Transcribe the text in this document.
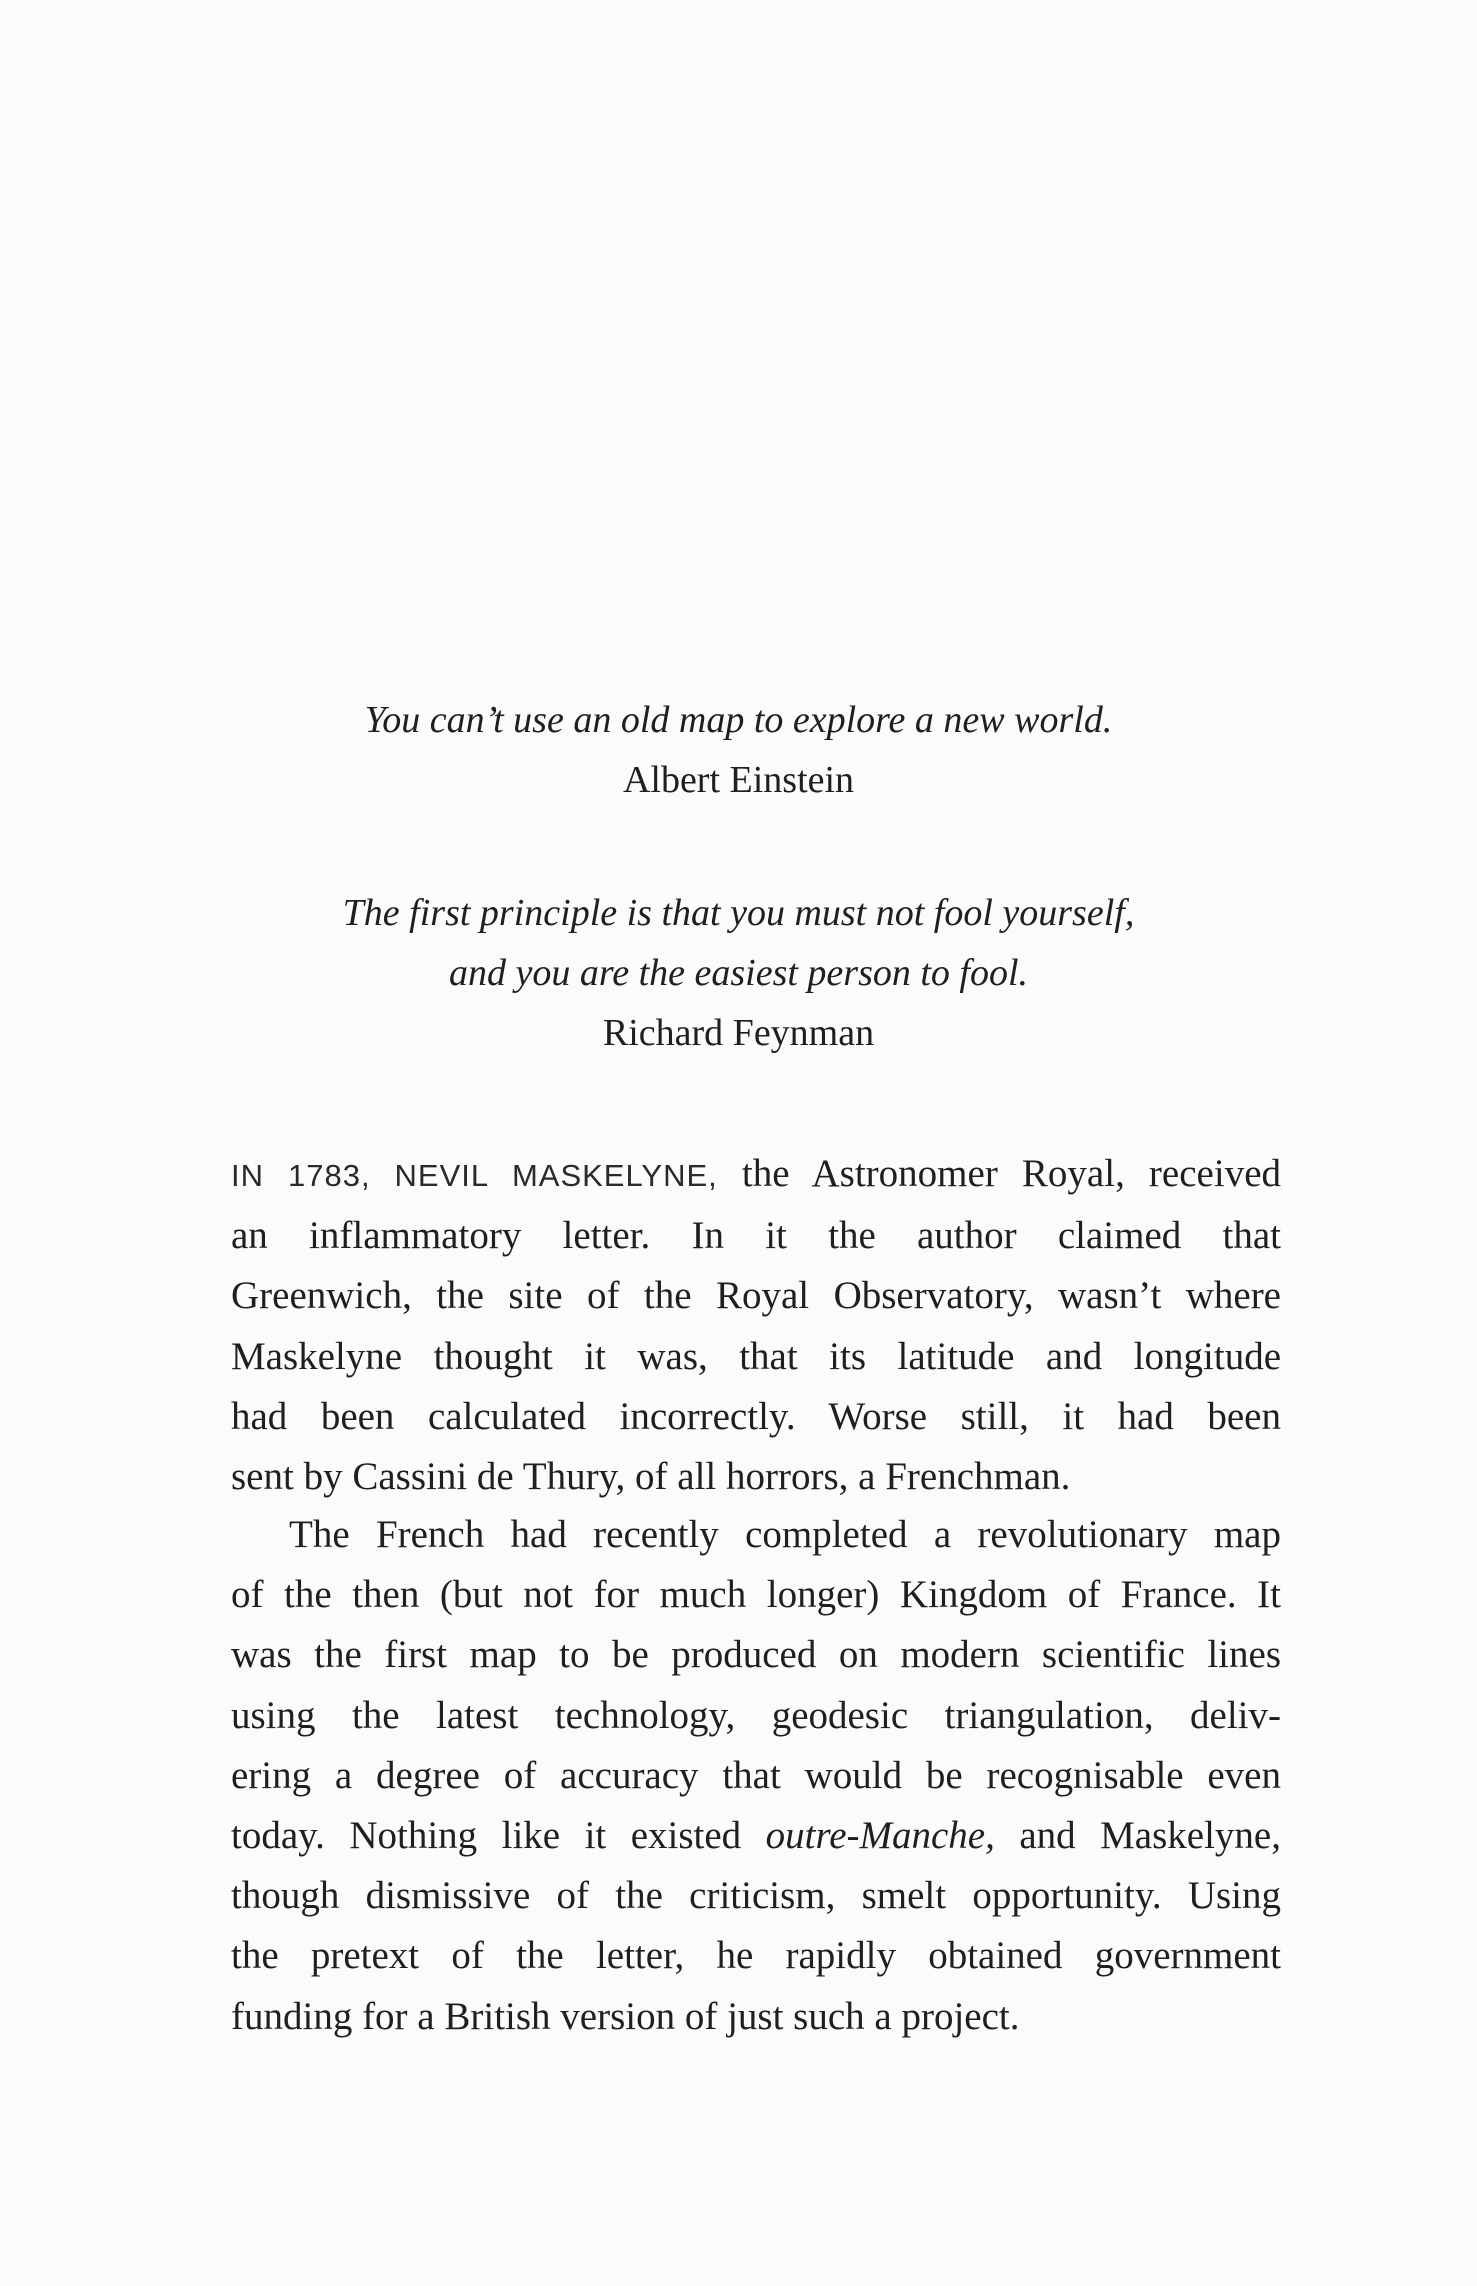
You can’t use an old map to explore a new world.
Albert Einstein
The first principle is that you must not fool yourself,
and you are the easiest person to fool.
Richard Feynman
IN 1783, NEVIL MASKELYNE, the Astronomer Royal, received
an inflammatory letter. In it the author claimed that
Greenwich, the site of the Royal Observatory, wasn’t where
Maskelyne thought it was, that its latitude and longitude
had been calculated incorrectly. Worse still, it had been
sent by Cassini de Thury, of all horrors, a Frenchman.
The French had recently completed a revolutionary map
of the then (but not for much longer) Kingdom of France. It
was the first map to be produced on modern scientific lines
using the latest technology, geodesic triangulation, deliv-
ering a degree of accuracy that would be recognisable even
today. Nothing like it existed outre-Manche, and Maskelyne,
though dismissive of the criticism, smelt opportunity. Using
the pretext of the letter, he rapidly obtained government
funding for a British version of just such a project.
